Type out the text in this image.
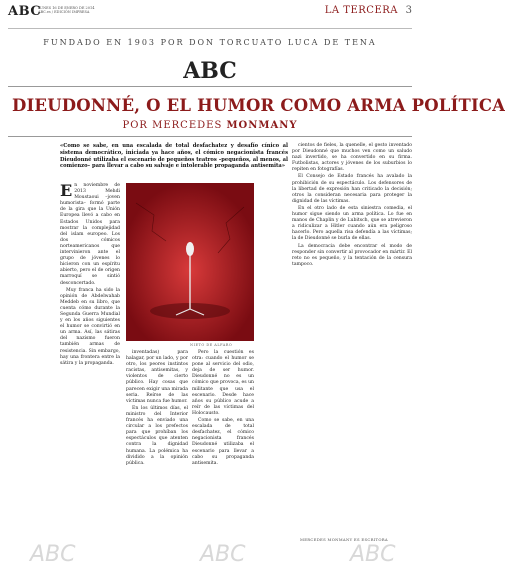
ABC
LUNES 16 DE ENERO DE 2014
ABC.es / EDICIÓN IMPRESA	LA TERCERA 3
FUNDADO EN 1903 POR DON TORCUATO LUCA DE TENA
ABC
DIEUDONNÉ, O EL HUMOR COMO ARMA POLÍTICA
POR MERCEDES MONMANY
«Como se sabe, en una escalada de total desfachatez y desafío cínico al sistema democrático, iniciada ya hace años, el cómico negacionista francés Dieudonné utilizaba el escenario de pequeños teatros –pequeños, al menos, al comienzo– para llevar a cabo su salvaje e intolerable propaganda antisemita»

En noviembre de 2013 Mehdi Moustaoui –joven humorista– formó parte de la gira que la Unión Europea llevó a cabo en Estados Unidos para mostrar la complejidad del islam europeo. Los dos cómicos norteamericanos que intervinieron ante el grupo de jóvenes lo hicieron con un espíritu abierto, pero el de origen marroquí se sintió desconcertado.

Muy franca ha sido la opinión de Abdelwahab Meddeb en su libro, que cuenta cómo durante la Segunda Guerra Mundial y en los años siguientes el humor se convirtió en un arma. Así, las sátiras del nazismo fueron también armas de resistencia. Sin embargo, hay una frontera entre la sátira y la propaganda.

NIETO DE ALFARO

inventadas) para halagar, por un lado, y por otro, los peores instintos racistas, antisemitas, y violentos de cierto público. Hay cosas que parecen exigir una mirada seria. Reírse de las víctimas nunca fue humor.

En los últimos días, el ministro del Interior francés ha enviado una circular a los prefectos para que prohíban los espectáculos que atenten contra la dignidad humana. La polémica ha dividido a la opinión pública.

Pero la cuestión es otra: cuando el humor se pone al servicio del odio, deja de ser humor. Dieudonné no es un cómico que provoca, es un militante que usa el escenario. Desde hace años su público acude a reír de las víctimas del Holocausto.

Como se sabe, en una escalada de total desfachatez, el cómico negacionista francés Dieudonné utilizaba el escenario para llevar a cabo su propaganda antisemita.

cientos de fieles, la quenelle, el gesto inventado por Dieudonné que muchos ven como un saludo nazi invertido, se ha convertido en su firma. Futbolistas, actores y jóvenes de los suburbios lo repiten en fotografías.

El Consejo de Estado francés ha avalado la prohibición de su espectáculo. Los defensores de la libertad de expresión han criticado la decisión; otros la consideran necesaria para proteger la dignidad de las víctimas.

En el otro lado de esta siniestra comedia, el humor sigue siendo un arma política. Lo fue en manos de Chaplin y de Lubitsch, que se atrevieron a ridiculizar a Hitler cuando aún era peligroso hacerlo. Pero aquella risa defendía a las víctimas; la de Dieudonné se burla de ellas.

La democracia debe encontrar el modo de responder sin convertir al provocador en mártir. El reto no es pequeño, y la tentación de la censura tampoco.

MERCEDES MONMANY ES ESCRITORA
ABC	ABC	ABC
